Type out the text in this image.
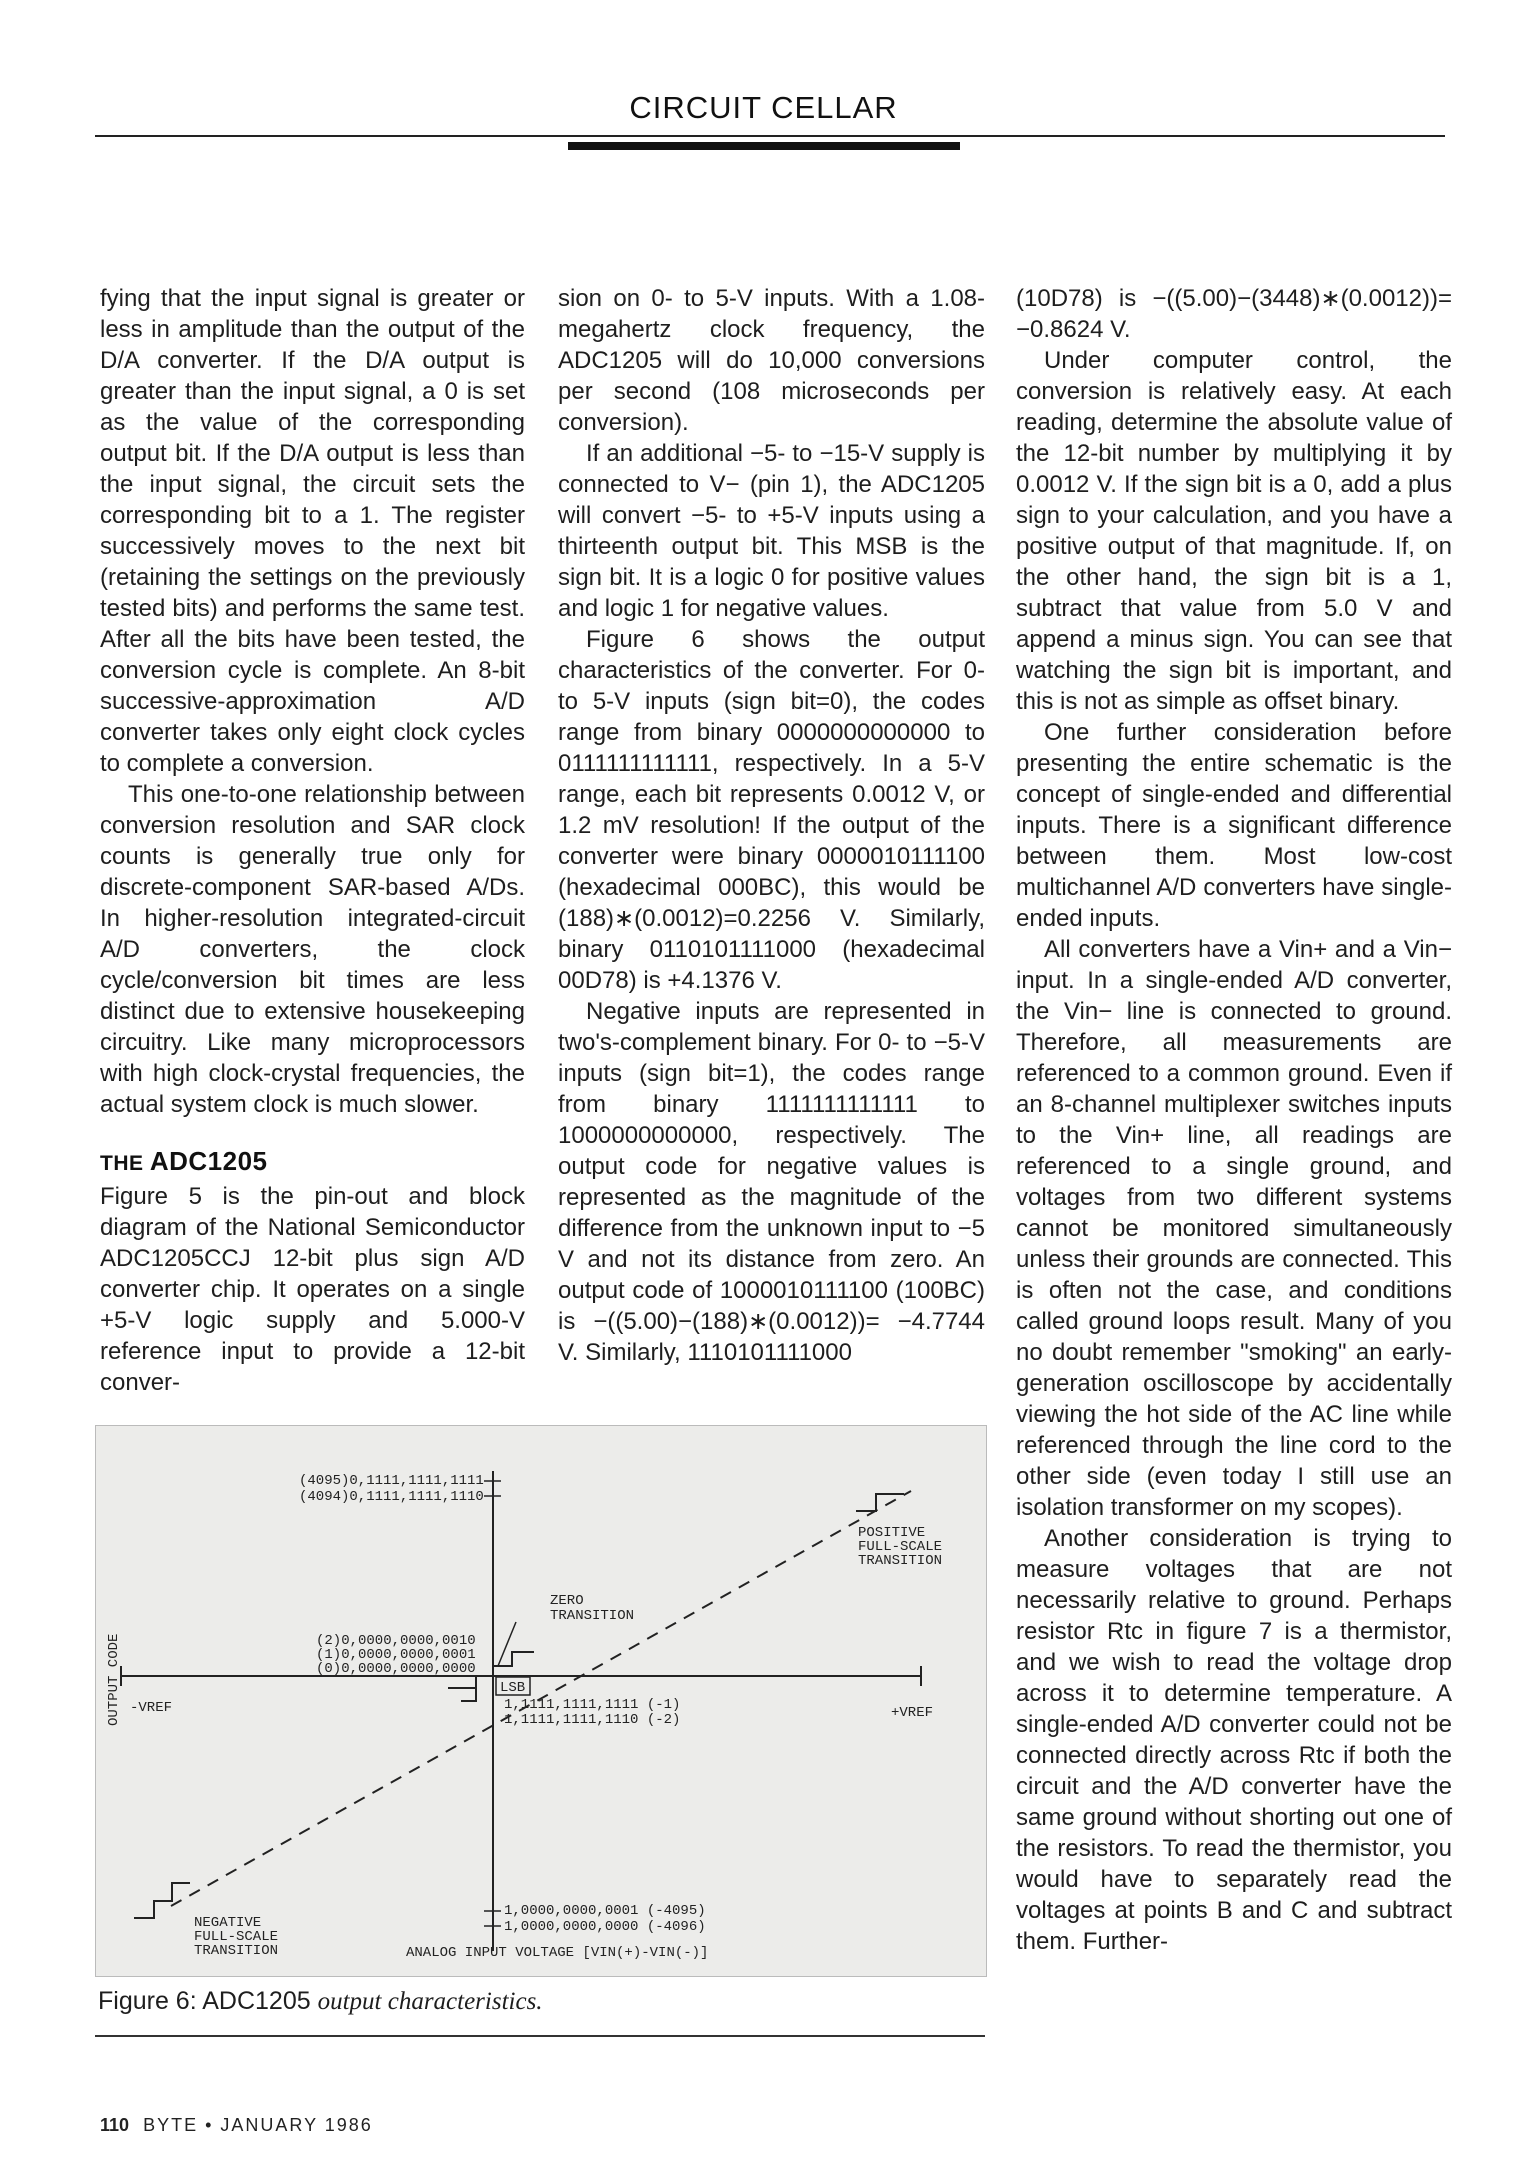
CIRCUIT CELLAR

fying that the input signal is greater or less in amplitude than the output of the D/A converter. If the D/A output is greater than the input signal, a 0 is set as the value of the corresponding output bit. If the D/A output is less than the input signal, the circuit sets the corresponding bit to a 1. The register successively moves to the next bit (retaining the settings on the previously tested bits) and performs the same test. After all the bits have been tested, the conversion cycle is complete. An 8-bit successive-approximation A/D converter takes only eight clock cycles to complete a conversion.

This one-to-one relationship between conversion resolution and SAR clock counts is generally true only for discrete-component SAR-based A/Ds. In higher-resolution integrated-circuit A/D converters, the clock cycle/conversion bit times are less distinct due to extensive housekeeping circuitry. Like many microprocessors with high clock-crystal frequencies, the actual system clock is much slower.

THE ADC1205

Figure 5 is the pin-out and block diagram of the National Semiconductor ADC1205CCJ 12-bit plus sign A/D converter chip. It operates on a single +5-V logic supply and 5.000-V reference input to provide a 12-bit conver-

sion on 0- to 5-V inputs. With a 1.08-megahertz clock frequency, the ADC1205 will do 10,000 conversions per second (108 microseconds per conversion).

If an additional −5- to −15-V supply is connected to V− (pin 1), the ADC1205 will convert −5- to +5-V inputs using a thirteenth output bit. This MSB is the sign bit. It is a logic 0 for positive values and logic 1 for negative values.

Figure 6 shows the output characteristics of the converter. For 0- to 5-V inputs (sign bit=0), the codes range from binary 0000000000000 to 0111111111111, respectively. In a 5-V range, each bit represents 0.0012 V, or 1.2 mV resolution! If the output of the converter were binary 0000010111100 (hexadecimal 000BC), this would be (188)∗(0.0012)=0.2256 V. Similarly, binary 0110101111000 (hexadecimal 00D78) is +4.1376 V.

Negative inputs are represented in two's-complement binary. For 0- to −5-V inputs (sign bit=1), the codes range from binary 1111111111111 to 1000000000000, respectively. The output code for negative values is represented as the magnitude of the difference from the unknown input to −5 V and not its distance from zero. An output code of 1000010111100 (100BC) is −((5.00)−(188)∗(0.0012))= −4.7744 V. Similarly, 1110101111000

(10D78) is −((5.00)−(3448)∗(0.0012))= −0.8624 V.

Under computer control, the conversion is relatively easy. At each reading, determine the absolute value of the 12-bit number by multiplying it by 0.0012 V. If the sign bit is a 0, add a plus sign to your calculation, and you have a positive output of that magnitude. If, on the other hand, the sign bit is a 1, subtract that value from 5.0 V and append a minus sign. You can see that watching the sign bit is important, and this is not as simple as offset binary.

One further consideration before presenting the entire schematic is the concept of single-ended and differential inputs. There is a significant difference between them. Most low-cost multichannel A/D converters have single-ended inputs.

All converters have a Vin+ and a Vin− input. In a single-ended A/D converter, the Vin− line is connected to ground. Therefore, all measurements are referenced to a common ground. Even if an 8-channel multiplexer switches inputs to the Vin+ line, all readings are referenced to a single ground, and voltages from two different systems cannot be monitored simultaneously unless their grounds are connected. This is often not the case, and conditions called ground loops result. Many of you no doubt remember "smoking" an early-generation oscilloscope by accidentally viewing the hot side of the AC line while referenced through the line cord to the other side (even today I still use an isolation transformer on my scopes).

Another consideration is trying to measure voltages that are not necessarily relative to ground. Perhaps resistor Rtc in figure 7 is a thermistor, and we wish to read the voltage drop across it to determine temperature. A single-ended A/D converter could not be connected directly across Rtc if both the circuit and the A/D converter have the same ground without shorting out one of the resistors. To read the thermistor, you would have to separately read the voltages at points B and C and subtract them. Further-

(4095)0,1111,1111,1111
(4094)0,1111,1111,1110
POSITIVE
FULL-SCALE
TRANSITION
ZERO
TRANSITION
(2)0,0000,0000,0010
(1)0,0000,0000,0001
(0)0,0000,0000,0000
LSB
1,1111,1111,1111 (-1)
1,1111,1111,1110 (-2)
-VREF	+VREF
1,0000,0000,0001 (-4095)
1,0000,0000,0000 (-4096)
NEGATIVE
FULL-SCALE
TRANSITION	ANALOG INPUT VOLTAGE [VIN(+)-VIN(-)]
OUTPUT CODE
Figure 6: ADC1205 output characteristics.
110 BYTE • JANUARY 1986
